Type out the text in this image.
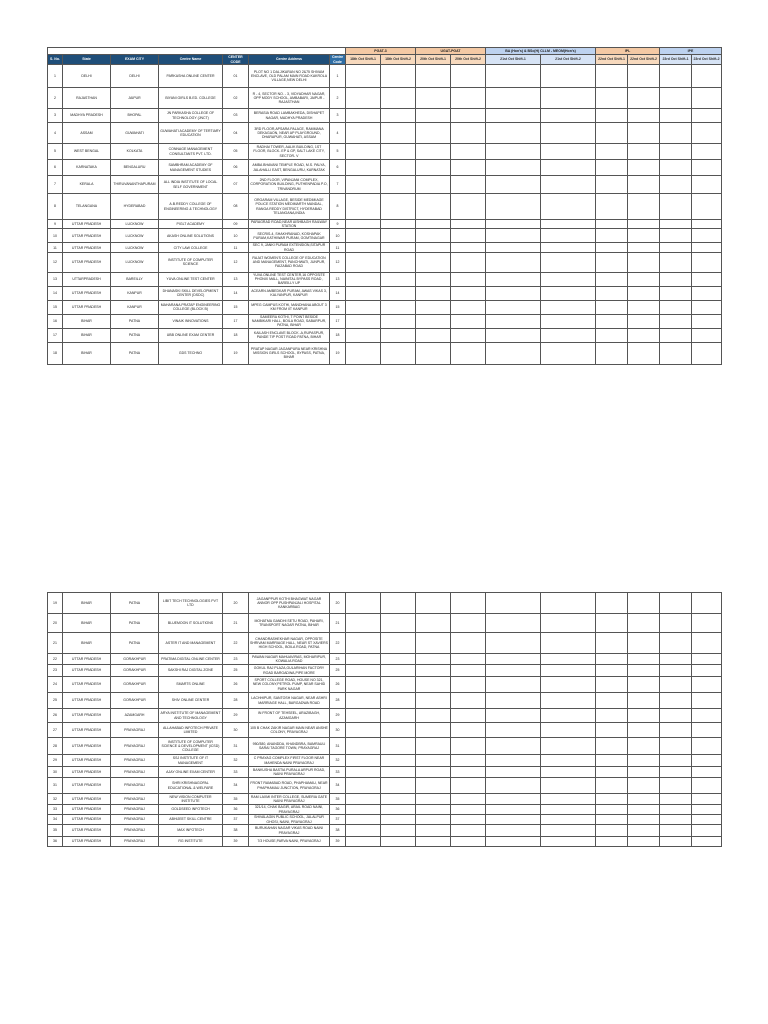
							PGAT-3		UGAT-PGAT		BA (Hon's) & BSc(H) CLLM - MEOM(Hon's)		IPL		IPE	
S. No.	State	EXAM CITY	Centre Name	CENTER CODE	Centre Address	Centre Code	18th Oct Shift-1	18th Oct Shift-2	20th Oct Shift-1	20th Oct Shift-2	21st Oct Shift-1	21st Oct Shift-2	22nd Oct Shift-1	22nd Oct Shift-2	23rd Oct Shift-1	23rd Oct Shift-2
1	DELHI	DELHI	PARKASHA ONLINE CENTER	01	PLOT NO 1 DALJIKARAN NO 2&75 SHIVAM ENCLAVE, OLD PALAM MAIN ROAD KAKROLA VILLAGE,NEW DELHI	1										
2	RAJASTHAN	JAIPUR	BIYANI GIRLS B.ED. COLLEGE	02	R - 4, SECTOR NO. - 3, VIDYADHAR NAGAR, OPP MODY SCHOOL, AMBABARI, JAIPUR - RAJASTHAN	2										
3	MADHYA PRADESH	BHOPAL	JN PARKASHA COLLEGE OF TECHNOLOGY (JNCT)	03	BERASIA ROAD LAMBAKHEDA, DISHAPET NAGAR, MADHYA PRADESH	3										
4	ASSAM	GUWAHATI	GUWAHATI ACADEMY OF TERTIARY EDUCATION	04	3RD FLOOR,APSARA PALACE, RAMMANA DEKAGAON, NEAR AP PLAYGROUND, DHARAPUR, GUWAHATI, ASSAM	4										
5	WEST BENGAL	KOLKATA	CONNAGE MANAGEMENT CONSULTANTS PVT. LTD.	05	RADHAI TOWER, AALIK BUILDING, 1ST FLOOR, BLOCK- EP & GP, SALT LAKE CITY, SECTOR- V	5										
6	KARNATAKA	BENGALURU	SAMBHRAM ACADEMY OF MANAGEMENT STUDIES	06	AMBA BHAVANI TEMPLE ROAD, M.S. PALYA, JALAHALLI EAST, BENGALURU, KARNATAK	6										
7	KERALA	THIRUVANANTHAPURAM	ALL INDIA INSTITUTE OF LOCAL SELF GOVERNMENT	07	2ND FLOOR, VIPANJANI COMPLEX, CORPORATION BUILDING, PUTHENPADIA P.O, TRIVANDRUM	7										
8	TELANGANA	HYDERABAD	A.B.REDDY COLLEGE OF ENGINEERING & TECHNOLOGY	08	ORGARAM VILLAGE, BESIDE MEDIMIAGE POLICE STATION MEDIMARTH MANDAL, RANGA REDDY DISTRICT, HYDERABAD TELANGANA,INDIA	8										
9	UTTAR PRADESH	LUCKNOW	PIGLT ACADEMY	09	PARAGRAD ROAD,NEAR AISHBAGH RAILWAY STATION	9										
10	UTTAR PRADESH	LUCKNOW	AKASH ONLINE SOLUTIONS	10	SECRIS-4, SHAKHRANAD, KOSHAPAK PURAM,KATHIWAR PURAM, GOMTINAGAR	10										
11	UTTAR PRADESH	LUCKNOW	CITY LAW COLLEGE	11	SEC 9, JANKI PURAM EXTENSION,SITAPUR ROAD	11										
12	UTTAR PRADESH	LUCKNOW	INSTITUTE OF COMPUTER SCIENCE	12	RAJAT WOMEN'S COLLEGE OF EDUCATION AND MANAGEMENT, PANCHWATI, JUNPUR, FAIZABAD ROAD	12										
13	UTTARPRADESH	BAREILLY	YUVA ONLINE TEST CENTER	13	YUVA ONLINE TEST CENTER,16 OPPOSITE PHONIX MALL, NAINITAL BYPASS ROAD , BAREILLY UP	13										
14	UTTAR PRADESH	KANPUR	DHANASKI SKILL DEVELOPMENT CENTER (DSDC)	14	ACEARN AMBEDKAR PURAM, AWAS VIKAS 3, KALYANPUR, KANPUR	14										
15	UTTAR PRADESH	KANPUR	MAHARANA PRATAP ENGINEERING COLLEGE (BLOCK B)	15	MPEG CAMPUS KOTHI, MANDHANA ABOUT 3 KM FROM IIT KANPUR	15										
16	BIHAR	PATNA	VINAIK INNOVATIONS	17	SAMEERA KOTHI, T POINT BESIDE NAMBIKARI HALL, BOILA ROAD, SABARPUR, PATNA, BIHAR	17										
17	BIHAR	PATNA	UBB ONLINE EXAM CENTER	18	KAILASH ENCLAVE BLOCK -A,RUPASPUR, PANDE TIP POST ROAD PATNA, BIHAR	18										
18	BIHAR	PATNA	GDS TECHNO	19	PRATAP NAGAR JAGANPURA NEAR KRISHNA MISSION GIRLS SCHOOL, BYPASS, PATNA, BIHAR	19										
19	BIHAR	PATNA	LIBIT TECH TECHNOLOGIES PVT LTD	20	JAGANPPUR KOTHI BHAGWAT NAGAR ANNOR OPP PUSHPANJALI HOSPITAL KANKARBAG	20										
20	BIHAR	PATNA	BLUEMOON IT SOLUTIONS	21	MOHATMA GANDHI SETU ROAD, PAHARI, TRANSPORT NAGAR PATNA, BIHAR	21										
21	BIHAR	PATNA	ASTER IT AND MANAGEMENT	22	CHANDRASHEKHAR NAGAR, OPPOSITE SHRIVAM MARRIAGE HALL, NEAR ST XAVIERS HIGH SCHOOL, BOILA ROAD, PATNA	22										
22	UTTAR PRADESH	GORAKHPUR	PRATIMA DIGITAL ONLINE CENTER	23	PAWAN NAGAR MAHUAVIRAS, MOHARIPUR, KOWALIA ROAD	23										
23	UTTAR PRADESH	GORAKHPUR	SAKSHI RAJ DIGITAL ZONE	25	GOKUL RAJ PLAZA,GULARIHAN FACTORY ROAD BARGADWA,PIPE MORE	25										
24	UTTAR PRADESH	GORAKHPUR	SMARTS ONLINE	26	SPORT COLLEGE ROAD, HOUSE NO 321, NEW COLONY,PETROL PUMP, NEAR SAHID PARK NAGAR	26										
25	UTTAR PRADESH	GORAKHPUR	SHIV ONLINE CENTER	28	LACHHIPUR, SANTOSH NAGAR, NEAR ASHRI MARRIAGE HALL, BARGADWA ROAD	28										
26	UTTAR PRADESH	AZAMGARH	ARYA INSTITUTE OF MANAGEMENT AND TECHNOLOGY	29	IN FRONT OF TEHSEEL, ARAZIBAGH, AZAMGARH	29										
27	UTTAR PRADESH	PRAYAGRAJ	ALLAHABAD INFOTECH PRIVATE LIMITED	30	105 B CHAK ZAKIR NAGAR MAIN NEAR ANSHE COLONY, PRAYAGRAJ	30										
28	UTTAR PRADESH	PRAYAGRAJ	INSTITUTE OF COMPUTER SCIENCE & DEVELOPMENT (ICSD) COLLEGE	31	950/380, ANANDDA, KHANDBRA, BAMRAULI SARAI TAGORE TOWN, PRAYAGRAJ	31										
29	UTTAR PRADESH	PRAYAGRAJ	SSJ INSTITUTE OF IT MANAGEMENT	32	C PRAYAG COMPLEX FIRST FLOOR NEAR MAHENDA NAINI PRAYAGRAJ	32										
30	UTTAR PRADESH	PRAYAGRAJ	AJAY ONLINE EXAM CENTER	33	BANKUSHA BASTIA PURALA ARPUR ROAD, NAINI PRAYAGRAJ	33										
31	UTTAR PRADESH	PRAYAGRAJ	SHRI KRISHNAGOPAL EDUCATIONAL & WELFARE	34	FRONT RAMABAD ROAD, PHAPHAMAU, NEAR PHAPHAMAU JUNCTION, PRAYAGRAJ	34										
32	UTTAR PRADESH	PRAYAGRAJ	NEW VISION COMPUTER INSTITUTE	35	RAM LAXMI INTER COLLEGE, SUMERIA GATE NAINI PRAYAGRAJ	35										
33	UTTAR PRADESH	PRAYAGRAJ	GOLDSEED INFOTECH	36	321/14, CHAK BAGIR, ARAIL ROAD NAINI, PRAYAGRAJ	36										
34	UTTAR PRADESH	PRAYAGRAJ	ABHIJEET SKILL CENTRE	37	SHIVALAGIN PUBLIC SCHOOL, JALALPUR GHOSI, NAINI, PRAYAGRAJ	37										
35	UTTAR PRADESH	PRAYAGRAJ	MAX INFOTECH	38	BURUKAHAN NAGAR VIKAS ROAD NAINI PRAYAGRAJ	38										
36	UTTAR PRADESH	PRAYAGRAJ	RG INSTITUTE	39	7/3 HOUSE,PARVA NAINI, PRAYAGRAJ	39										
